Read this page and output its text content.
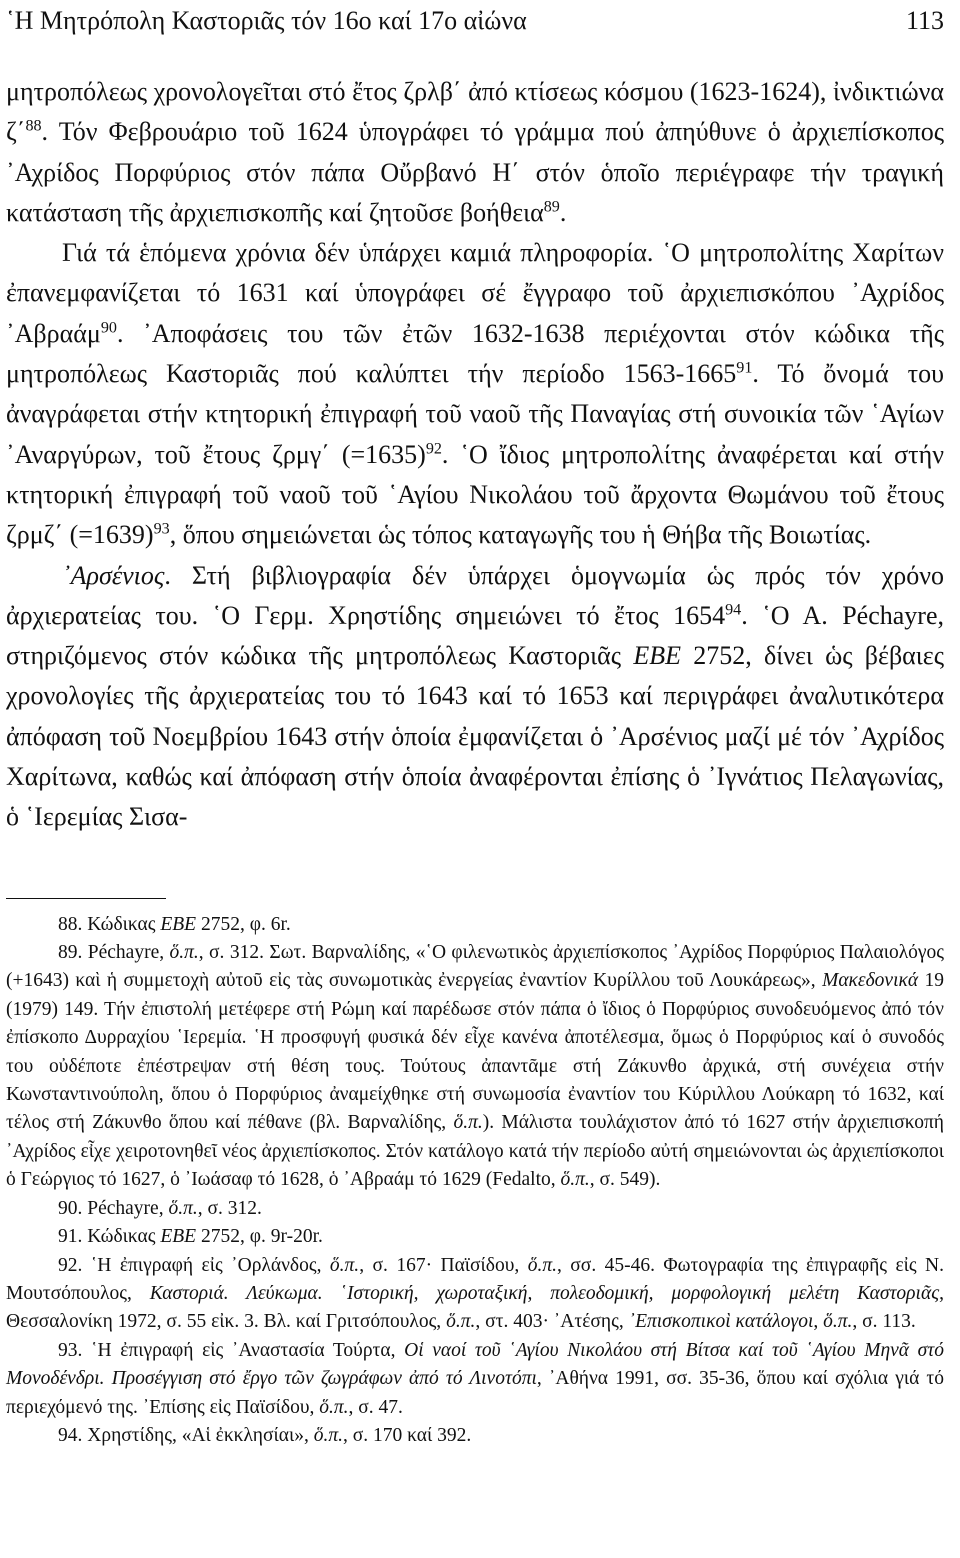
῾Η Μητρόπολη Καστοριᾶς τόν 16ο καί 17ο αἰώνα	113

μητροπόλεως χρονολογεῖται στό ἔτος ζρλβ΄ ἀπό κτίσεως κόσμου (1623-1624), ἰνδικτιώνα ζ΄$^{88}$. Τόν Φεβρουάριο τοῦ 1624 ὑπογράφει τό γράμμα πού ἀπηύθυνε ὁ ἀρχιεπίσκοπος ᾿Αχρίδος Πορφύριος στόν πάπα Οὔρβανό Η΄ στόν ὁποῖο περιέγραφε τήν τραγική κατάσταση τῆς ἀρχιεπισκοπῆς καί ζητοῦσε βοήθεια$^{89}$.

Γιά τά ἑπόμενα χρόνια δέν ὑπάρχει καμιά πληροφορία. ῾Ο μητροπολίτης Χαρίτων ἐπανεμφανίζεται τό 1631 καί ὑπογράφει σέ ἔγγραφο τοῦ ἀρχιεπισκόπου ᾿Αχρίδος ᾿Αβραάμ$^{90}$. ᾿Αποφάσεις του τῶν ἐτῶν 1632-1638 περιέχονται στόν κώδικα τῆς μητροπόλεως Καστοριᾶς πού καλύπτει τήν περίοδο 1563-1665$^{91}$. Τό ὄνομά του ἀναγράφεται στήν κτητορική ἐπιγραφή τοῦ ναοῦ τῆς Παναγίας στή συνοικία τῶν ῾Αγίων ᾿Αναργύρων, τοῦ ἔτους ζρμγ΄ (=1635)$^{92}$. ῾Ο ἴδιος μητροπολίτης ἀναφέρεται καί στήν κτητορική ἐπιγραφή τοῦ ναοῦ τοῦ ῾Αγίου Νικολάου τοῦ ἄρχοντα Θωμάνου τοῦ ἔτους ζρμζ΄ (=1639)$^{93}$, ὅπου σημειώνεται ὡς τόπος καταγωγῆς του ἡ Θήβα τῆς Βοιωτίας.

᾿Αρσένιος. Στή βιβλιογραφία δέν ὑπάρχει ὁμογνωμία ὡς πρός τόν χρόνο ἀρχιερατείας του. ῾Ο Γερμ. Χρηστίδης σημειώνει τό ἔτος 1654$^{94}$. ῾Ο Α. Péchayre, στηριζόμενος στόν κώδικα τῆς μητροπόλεως Καστοριᾶς EBE 2752, δίνει ὡς βέβαιες χρονολογίες τῆς ἀρχιερατείας του τό 1643 καί τό 1653 καί περιγράφει ἀναλυτικότερα ἀπόφαση τοῦ Νοεμβρίου 1643 στήν ὁποία ἐμφανίζεται ὁ ᾿Αρσένιος μαζί μέ τόν ᾿Αχρίδος Χαρίτωνα, καθώς καί ἀπόφαση στήν ὁποία ἀναφέρονται ἐπίσης ὁ ᾿Ιγνάτιος Πελαγωνίας, ὁ ῾Ιερεμίας Σισα-

88. Κώδικας EBE 2752, φ. 6r.

89. Péchayre, ὅ.π., σ. 312. Σωτ. Βαρναλίδης, «῾Ο φιλενωτικὸς ἀρχιεπίσκοπος ᾿Αχρίδος Πορφύριος Παλαιολόγος (+1643) καὶ ἡ συμμετοχὴ αὐτοῦ εἰς τὰς συνωμοτικὰς ἐνεργείας ἐναντίον Κυρίλλου τοῦ Λουκάρεως», Μακεδονικά 19 (1979) 149. Τήν ἐπιστολή μετέφερε στή Ρώμη καί παρέδωσε στόν πάπα ὁ ἴδιος ὁ Πορφύριος συνοδευόμενος ἀπό τόν ἐπίσκοπο Δυρραχίου ῾Ιερεμία. ῾Η προσφυγή φυσικά δέν εἶχε κανένα ἀποτέλεσμα, ὅμως ὁ Πορφύριος καί ὁ συνοδός του οὐδέποτε ἐπέστρεψαν στή θέση τους. Τούτους ἀπαντᾶμε στή Ζάκυνθο ἀρχικά, στή συνέχεια στήν Κωνσταντινούπολη, ὅπου ὁ Πορφύριος ἀναμείχθηκε στή συνωμοσία ἐναντίον του Κύριλλου Λούκαρη τό 1632, καί τέλος στή Ζάκυνθο ὅπου καί πέθανε (βλ. Βαρναλίδης, ὅ.π.). Μάλιστα τουλάχιστον ἀπό τό 1627 στήν ἀρχιεπισκοπή ᾿Αχρίδος εἶχε χειροτονηθεῖ νέος ἀρχιεπίσκοπος. Στόν κατάλογο κατά τήν περίοδο αὐτή σημειώνονται ὡς ἀρχιεπίσκοποι ὁ Γεώργιος τό 1627, ὁ ᾿Ιωάσαφ τό 1628, ὁ ᾿Αβραάμ τό 1629 (Fedalto, ὅ.π., σ. 549).

90. Péchayre, ὅ.π., σ. 312.

91. Κώδικας EBE 2752, φ. 9r-20r.

92. ῾Η ἐπιγραφή εἰς ᾿Ορλάνδος, ὅ.π., σ. 167· Παϊσίδου, ὅ.π., σσ. 45-46. Φωτογραφία της ἐπιγραφῆς εἰς Ν. Μουτσόπουλος, Καστοριά. Λεύκωμα. ῾Ιστορική, χωροταξική, πολεοδομική, μορφολογική μελέτη Καστοριᾶς, Θεσσαλονίκη 1972, σ. 55 εἰκ. 3. Βλ. καί Γριτσόπουλος, ὅ.π., στ. 403· ᾿Ατέσης, ᾿Επισκοπικοὶ κατάλογοι, ὅ.π., σ. 113.

93. ῾Η ἐπιγραφή εἰς ᾿Αναστασία Τούρτα, Οἱ ναοί τοῦ ῾Αγίου Νικολάου στή Βίτσα καί τοῦ ῾Αγίου Μηνᾶ στό Μονοδένδρι. Προσέγγιση στό ἔργο τῶν ζωγράφων ἀπό τό Λινοτόπι, ᾿Αθήνα 1991, σσ. 35-36, ὅπου καί σχόλια γιά τό περιεχόμενό της. ᾿Επίσης εἰς Παϊσίδου, ὅ.π., σ. 47.

94. Χρηστίδης, «Αἱ ἐκκλησίαι», ὅ.π., σ. 170 καί 392.
